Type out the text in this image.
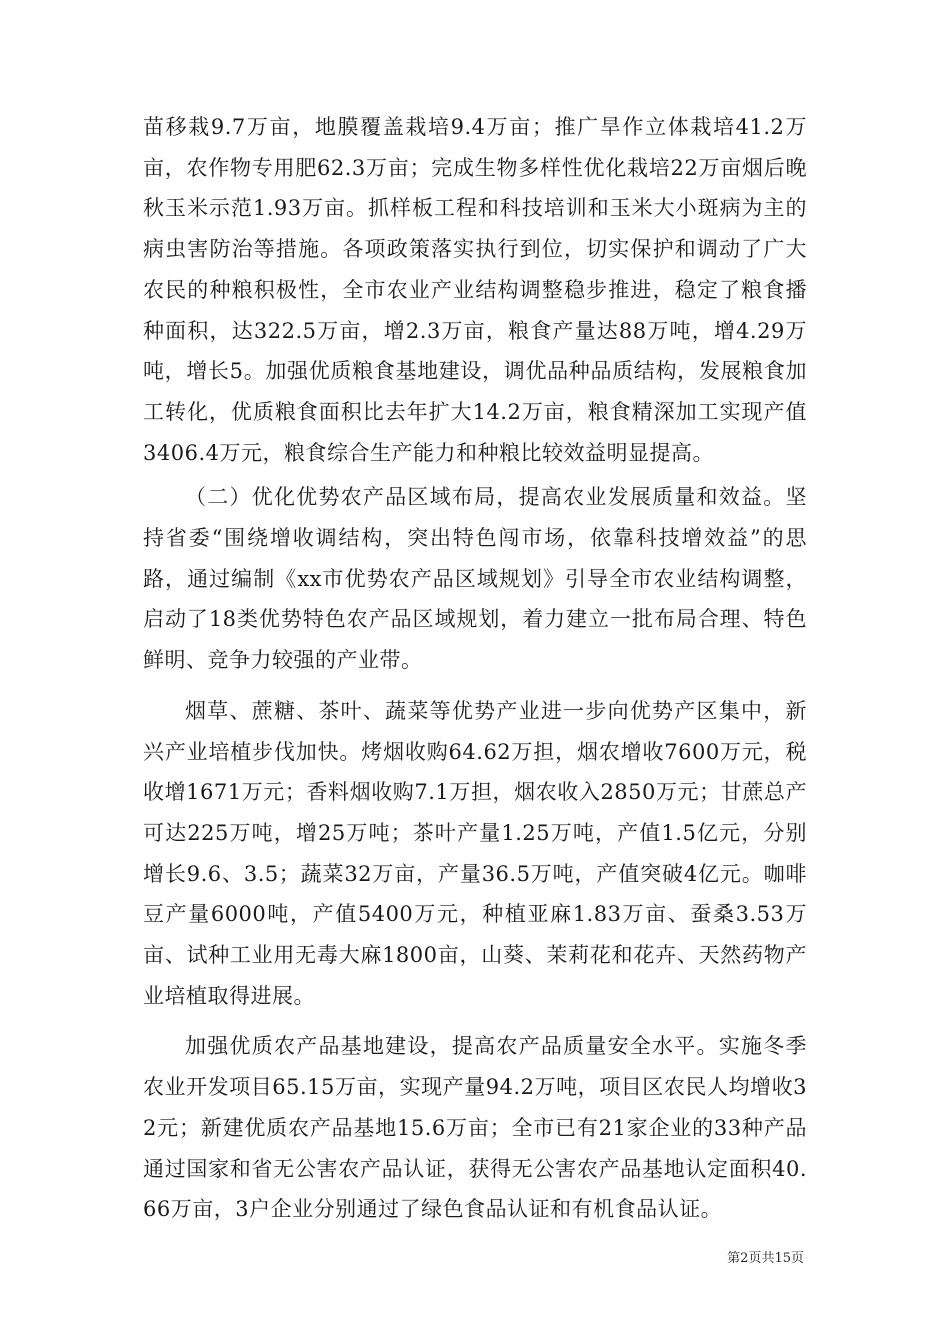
苗移栽9.7万亩，地膜覆盖栽培9.4万亩；推广旱作立体栽培41.2万亩，农作物专用肥62.3万亩；完成生物多样性优化栽培22万亩烟后晚秋玉米示范1.93万亩。抓样板工程和科技培训和玉米大小斑病为主的病虫害防治等措施。各项政策落实执行到位，切实保护和调动了广大农民的种粮积极性，全市农业产业结构调整稳步推进，稳定了粮食播种面积，达322.5万亩，增2.3万亩，粮食产量达88万吨，增4.29万吨，增长5。加强优质粮食基地建设，调优品种品质结构，发展粮食加工转化，优质粮食面积比去年扩大14.2万亩，粮食精深加工实现产值3406.4万元，粮食综合生产能力和种粮比较效益明显提高。

（二）优化优势农产品区域布局，提高农业发展质量和效益。坚持省委“围绕增收调结构，突出特色闯市场，依靠科技增效益”的思路，通过编制《xx市优势农产品区域规划》引导全市农业结构调整，启动了18类优势特色农产品区域规划，着力建立一批布局合理、特色鲜明、竞争力较强的产业带。

烟草、蔗糖、茶叶、蔬菜等优势产业进一步向优势产区集中，新兴产业培植步伐加快。烤烟收购64.62万担，烟农增收7600万元，税收增1671万元；香料烟收购7.1万担，烟农收入2850万元；甘蔗总产可达225万吨，增25万吨；茶叶产量1.25万吨，产值1.5亿元，分别增长9.6、3.5；蔬菜32万亩，产量36.5万吨，产值突破4亿元。咖啡豆产量6000吨，产值5400万元，种植亚麻1.83万亩、蚕桑3.53万亩、试种工业用无毒大麻1800亩，山葵、茉莉花和花卉、天然药物产业培植取得进展。

加强优质农产品基地建设，提高农产品质量安全水平。实施冬季农业开发项目65.15万亩，实现产量94.2万吨，项目区农民人均增收32元；新建优质农产品基地15.6万亩；全市已有21家企业的33种产品通过国家和省无公害农产品认证，获得无公害农产品基地认定面积40.66万亩，3户企业分别通过了绿色食品认证和有机食品认证。

第2页共15页
